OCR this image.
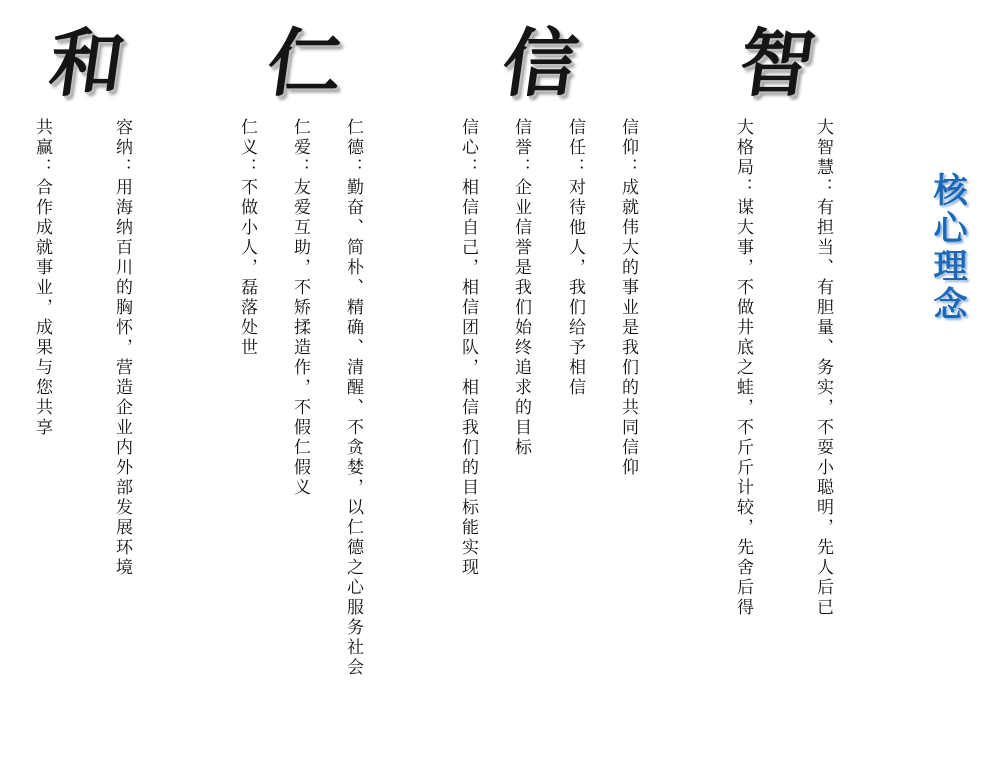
和 仁 信 智
核心理念
大智慧：有担当、有胆量、务实，不耍小聪明，先人后已
大格局：谋大事，不做井底之蛙，不斤斤计较，先舍后得
信仰：成就伟大的事业是我们的共同信仰
信任：对待他人，我们给予相信
信誉：企业信誉是我们始终追求的目标
信心：相信自己，相信团队，相信我们的目标能实现
仁德：勤奋、简朴、精确、清醒、不贪婪，以仁德之心服务社会
仁爱：友爱互助，不矫揉造作，不假仁假义
仁义：不做小人，磊落处世
容纳：用海纳百川的胸怀，营造企业内外部发展环境
共赢：合作成就事业，成果与您共享
